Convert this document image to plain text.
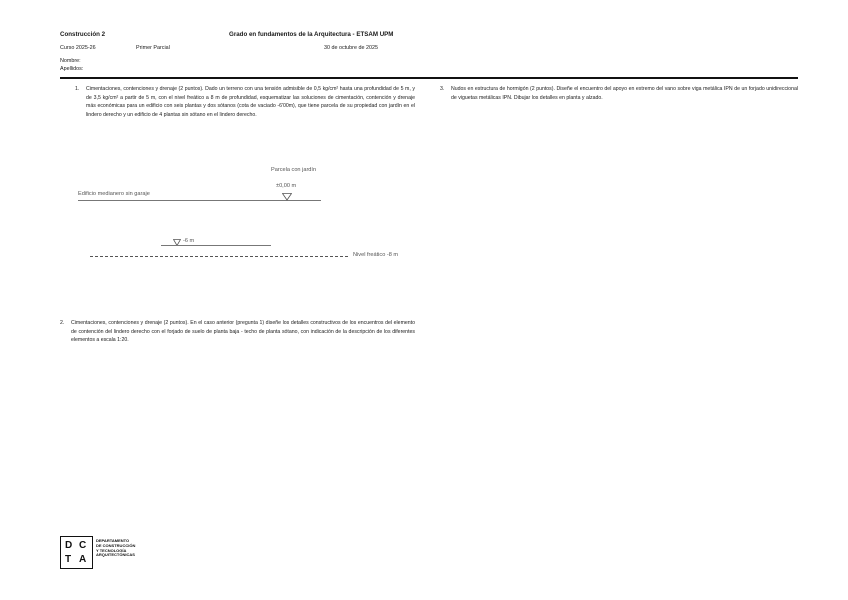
Construcción 2	Grado en fundamentos de la Arquitectura - ETSAM UPM
Curso 2025-26	Primer Parcial	30 de octubre de 2025
Nombre:
Apellidos:
1. Cimentaciones, contenciones y drenaje (2 puntos). Dado un terreno con una tensión admisible de 0,5 kg/cm² hasta una profundidad de 5 m, y de 3,5 kg/cm² a partir de 5 m, con el nivel freático a 8 m de profundidad, esquematizar las soluciones de cimentación, contención y drenaje más económicas para un edificio con seis plantas y dos sótanos (cota de vaciado -6'00m), que tiene parcela de su propiedad con jardín en el lindero derecho y un edificio de 4 plantas sin sótano en el lindero derecho.
3. Nudos en estructura de hormigón (2 puntos). Diseñe el encuentro del apoyo en extremo del vano sobre viga metálica IPN de un forjado unidireccional de viguetas metálicas IPN. Dibujar los detalles en planta y alzado.
Parcela con jardín
±0,00 m
Edificio medianero sin garaje
-6 m
Nivel freático -8 m
2. Cimentaciones, contenciones y drenaje (2 puntos). En el caso anterior (pregunta 1) diseñe los detalles constructivos de los encuentros del elemento de contención del lindero derecho con el forjado de suelo de planta baja - techo de planta sótano, con indicación de la descripción de los diferentes elementos a escala 1:20.
D C
T A
DEPARTAMENTO
DE CONSTRUCCIÓN
Y TECNOLOGÍA
ARQUITECTÓNICAS
